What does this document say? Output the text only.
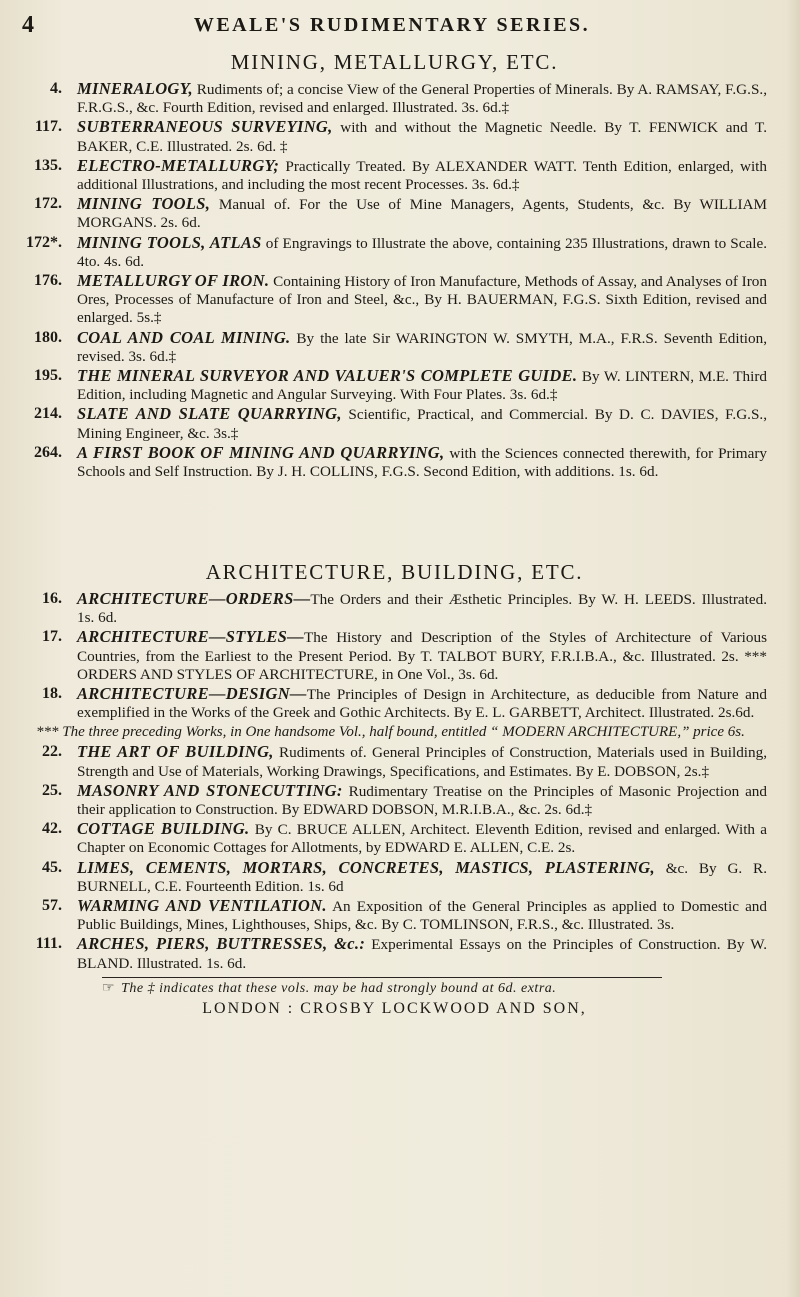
4	WEALE'S RUDIMENTARY SERIES.
MINING, METALLURGY, ETC.
4. MINERALOGY, Rudiments of; a concise View of the General Properties of Minerals. By A. RAMSAY, F.G.S., F.R.G.S., &c. Fourth Edition, revised and enlarged. Illustrated. 3s. 6d.‡
117. SUBTERRANEOUS SURVEYING, with and without the Magnetic Needle. By T. FENWICK and T. BAKER, C.E. Illustrated. 2s. 6d. ‡
135. ELECTRO-METALLURGY; Practically Treated. By ALEXANDER WATT. Tenth Edition, enlarged, with additional Illustrations, and including the most recent Processes. 3s. 6d.‡
172. MINING TOOLS, Manual of. For the Use of Mine Managers, Agents, Students, &c. By WILLIAM MORGANS. 2s. 6d.
172*. MINING TOOLS, ATLAS of Engravings to Illustrate the above, containing 235 Illustrations, drawn to Scale. 4to. 4s. 6d.
176. METALLURGY OF IRON. Containing History of Iron Manufacture, Methods of Assay, and Analyses of Iron Ores, Processes of Manufacture of Iron and Steel, &c., By H. BAUERMAN, F.G.S. Sixth Edition, revised and enlarged. 5s.‡
180. COAL AND COAL MINING. By the late Sir WARINGTON W. SMYTH, M.A., F.R.S. Seventh Edition, revised. 3s. 6d.‡
195. THE MINERAL SURVEYOR AND VALUER'S COMPLETE GUIDE. By W. LINTERN, M.E. Third Edition, including Magnetic and Angular Surveying. With Four Plates. 3s. 6d.‡
214. SLATE AND SLATE QUARRYING, Scientific, Practical, and Commercial. By D. C. DAVIES, F.G.S., Mining Engineer, &c. 3s.‡
264. A FIRST BOOK OF MINING AND QUARRYING, with the Sciences connected therewith, for Primary Schools and Self Instruction. By J. H. COLLINS, F.G.S. Second Edition, with additions. 1s. 6d.
ARCHITECTURE, BUILDING, ETC.
16. ARCHITECTURE—ORDERS—The Orders and their Æsthetic Principles. By W. H. LEEDS. Illustrated. 1s. 6d.
17. ARCHITECTURE—STYLES—The History and Description of the Styles of Architecture of Various Countries, from the Earliest to the Present Period. By T. TALBOT BURY, F.R.I.B.A., &c. Illustrated. 2s. *** ORDERS AND STYLES OF ARCHITECTURE, in One Vol., 3s. 6d.
18. ARCHITECTURE—DESIGN—The Principles of Design in Architecture, as deducible from Nature and exemplified in the Works of the Greek and Gothic Architects. By E. L. GARBETT, Architect. Illustrated. 2s.6d.
*** The three preceding Works, in One handsome Vol., half bound, entitled “ MODERN ARCHITECTURE,” price 6s.
22. THE ART OF BUILDING, Rudiments of. General Principles of Construction, Materials used in Building, Strength and Use of Materials, Working Drawings, Specifications, and Estimates. By E. DOBSON, 2s.‡
25. MASONRY AND STONECUTTING: Rudimentary Treatise on the Principles of Masonic Projection and their application to Construction. By EDWARD DOBSON, M.R.I.B.A., &c. 2s. 6d.‡
42. COTTAGE BUILDING. By C. BRUCE ALLEN, Architect. Eleventh Edition, revised and enlarged. With a Chapter on Economic Cottages for Allotments, by EDWARD E. ALLEN, C.E. 2s.
45. LIMES, CEMENTS, MORTARS, CONCRETES, MASTICS, PLASTERING, &c. By G. R. BURNELL, C.E. Fourteenth Edition. 1s. 6d
57. WARMING AND VENTILATION. An Exposition of the General Principles as applied to Domestic and Public Buildings, Mines, Lighthouses, Ships, &c. By C. TOMLINSON, F.R.S., &c. Illustrated. 3s.
111. ARCHES, PIERS, BUTTRESSES, &c.: Experimental Essays on the Principles of Construction. By W. BLAND. Illustrated. 1s. 6d.
☞ The ‡ indicates that these vols. may be had strongly bound at 6d. extra.
LONDON : CROSBY LOCKWOOD AND SON,
